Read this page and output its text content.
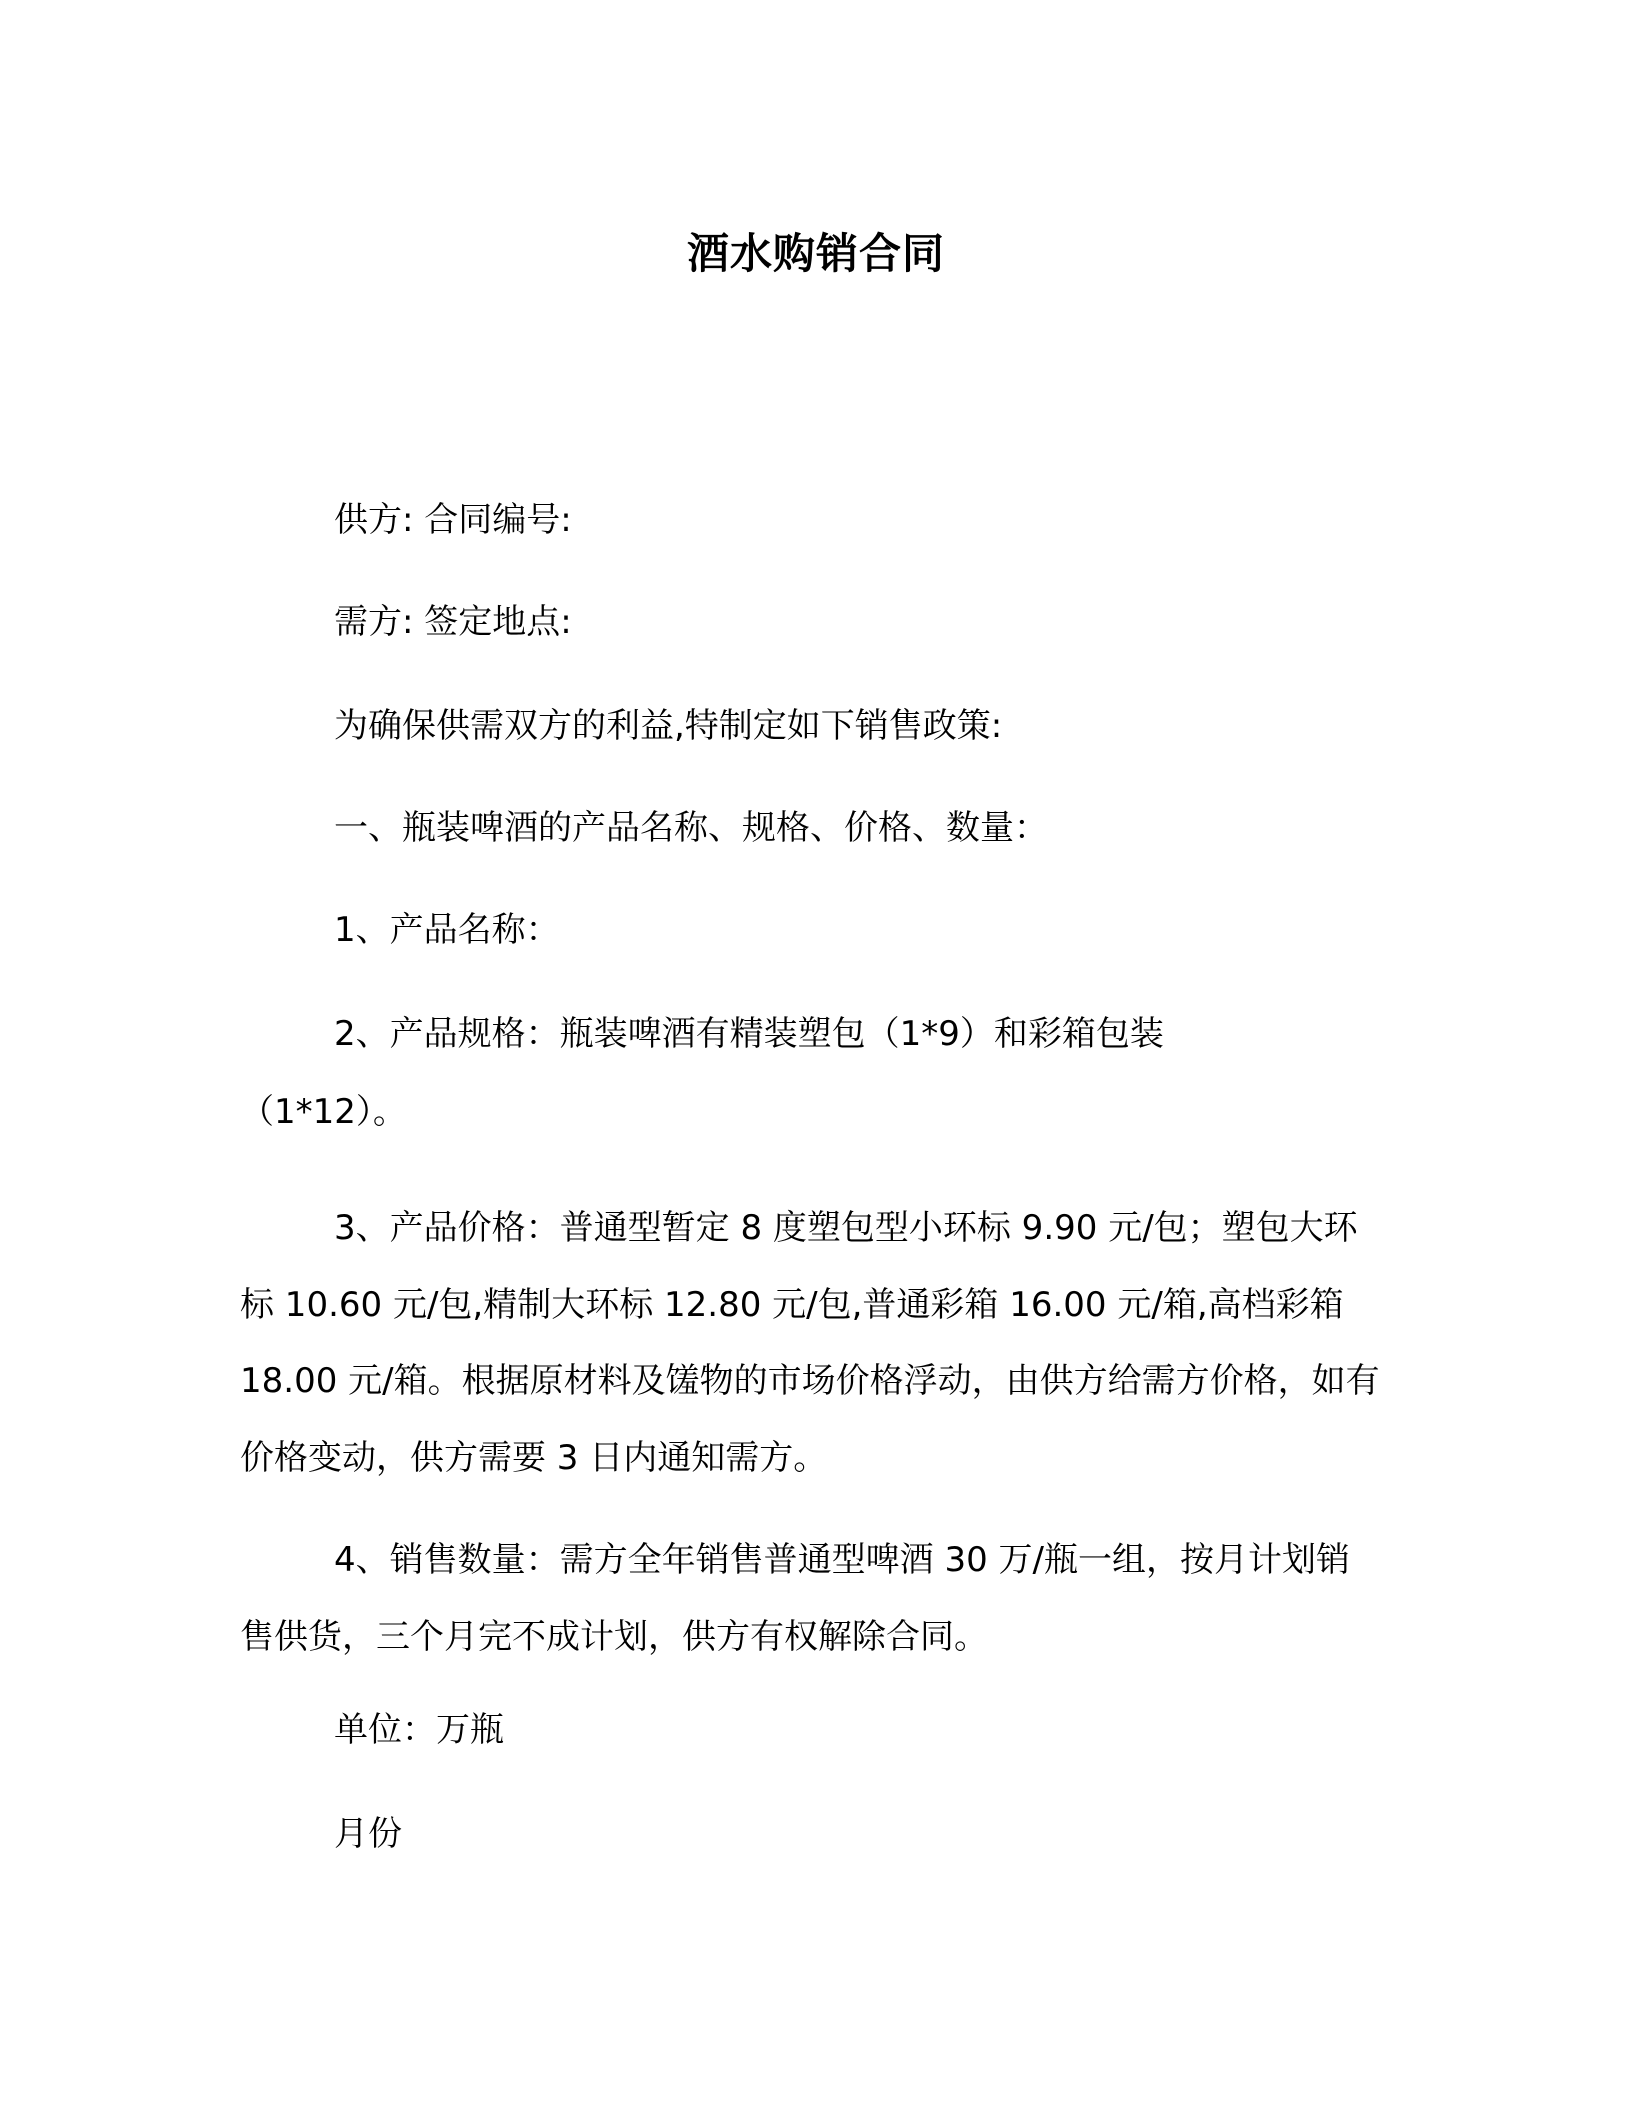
酒水购销合同
供方: 合同编号:
需方: 签定地点:
为确保供需双方的利益,特制定如下销售政策:
一、瓶装啤酒的产品名称、规格、价格、数量：
1、产品名称：
2、产品规格：瓶装啤酒有精装塑包（1*9）和彩箱包装
（1*12）。
3、产品价格：普通型暂定 8 度塑包型小环标 9.90 元/包；塑包大环标 10.60 元/包,精制大环标 12.80 元/包,普通彩箱 16.00 元/箱,高档彩箱 18.00 元/箱。根据原材料及馐物的市场价格浮动，由供方给需方价格，如有价格变动，供方需要 3 日内通知需方。
4、销售数量：需方全年销售普通型啤酒 30 万/瓶一组，按月计划销售供货，三个月完不成计划，供方有权解除合同。
单位：万瓶
月份
